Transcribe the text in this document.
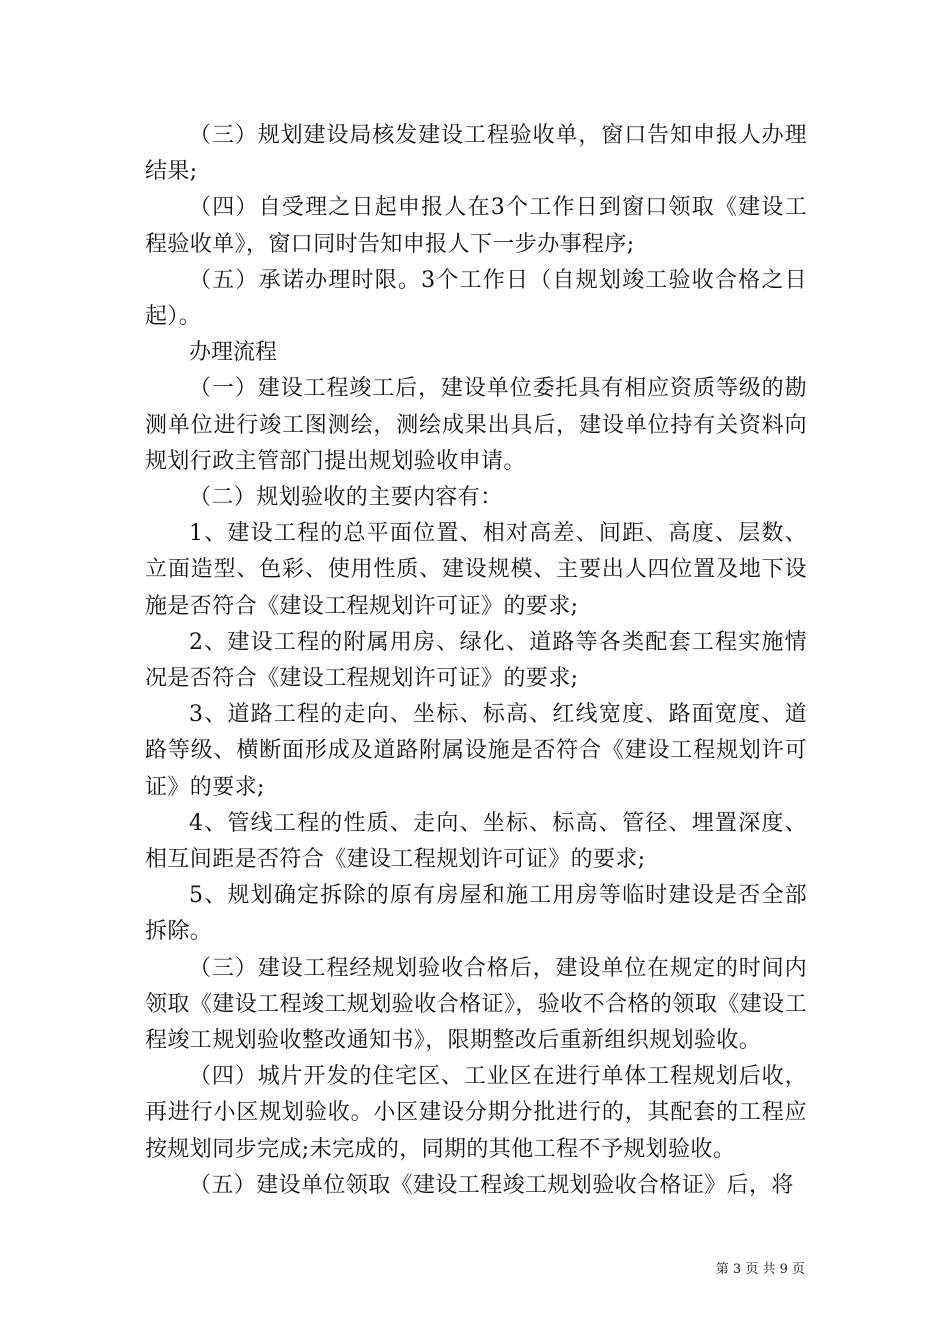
（三）规划建设局核发建设工程验收单，窗口告知申报人办理结果;

（四）自受理之日起申报人在3个工作日到窗口领取《建设工程验收单》，窗口同时告知申报人下一步办事程序;

（五）承诺办理时限。3个工作日（自规划竣工验收合格之日起）。

办理流程

（一）建设工程竣工后，建设单位委托具有相应资质等级的勘测单位进行竣工图测绘，测绘成果出具后，建设单位持有关资料向规划行政主管部门提出规划验收申请。

（二）规划验收的主要内容有：

1、建设工程的总平面位置、相对高差、间距、高度、层数、立面造型、色彩、使用性质、建设规模、主要出人四位置及地下设施是否符合《建设工程规划许可证》的要求;

2、建设工程的附属用房、绿化、道路等各类配套工程实施情况是否符合《建设工程规划许可证》的要求;

3、道路工程的走向、坐标、标高、红线宽度、路面宽度、道路等级、横断面形成及道路附属设施是否符合《建设工程规划许可证》的要求;

4、管线工程的性质、走向、坐标、标高、管径、埋置深度、相互间距是否符合《建设工程规划许可证》的要求;

5、规划确定拆除的原有房屋和施工用房等临时建设是否全部拆除。

（三）建设工程经规划验收合格后，建设单位在规定的时间内领取《建设工程竣工规划验收合格证》，验收不合格的领取《建设工程竣工规划验收整改通知书》，限期整改后重新组织规划验收。

（四）城片开发的住宅区、工业区在进行单体工程规划后收，再进行小区规划验收。小区建设分期分批进行的，其配套的工程应按规划同步完成;未完成的，同期的其他工程不予规划验收。

（五）建设单位领取《建设工程竣工规划验收合格证》后，将

第 3 页 共 9 页
